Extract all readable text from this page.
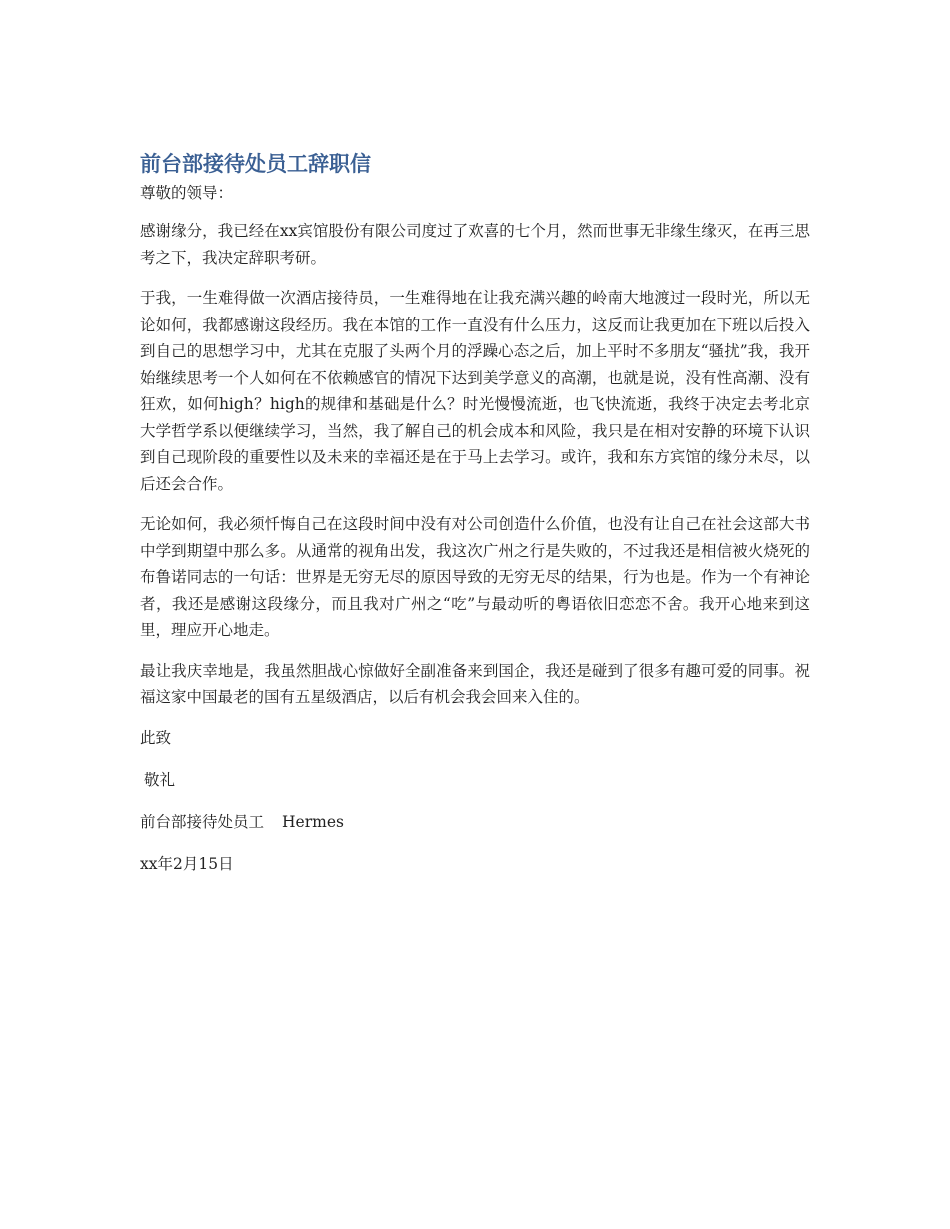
前台部接待处员工辞职信

尊敬的领导：

感谢缘分，我已经在xx宾馆股份有限公司度过了欢喜的七个月，然而世事无非缘生缘灭，在再三思考之下，我决定辞职考研。

于我，一生难得做一次酒店接待员，一生难得地在让我充满兴趣的岭南大地渡过一段时光，所以无论如何，我都感谢这段经历。我在本馆的工作一直没有什么压力，这反而让我更加在下班以后投入到自己的思想学习中，尤其在克服了头两个月的浮躁心态之后，加上平时不多朋友“骚扰”我，我开始继续思考一个人如何在不依赖感官的情况下达到美学意义的高潮，也就是说，没有性高潮、没有狂欢，如何high？high的规律和基础是什么？时光慢慢流逝，也飞快流逝，我终于决定去考北京大学哲学系以便继续学习，当然，我了解自己的机会成本和风险，我只是在相对安静的环境下认识到自己现阶段的重要性以及未来的幸福还是在于马上去学习。或许，我和东方宾馆的缘分未尽，以后还会合作。

无论如何，我必须忏悔自己在这段时间中没有对公司创造什么价值，也没有让自己在社会这部大书中学到期望中那么多。从通常的视角出发，我这次广州之行是失败的，不过我还是相信被火烧死的布鲁诺同志的一句话：世界是无穷无尽的原因导致的无穷无尽的结果，行为也是。作为一个有神论者，我还是感谢这段缘分，而且我对广州之“吃”与最动听的粤语依旧恋恋不舍。我开心地来到这里，理应开心地走。

最让我庆幸地是，我虽然胆战心惊做好全副准备来到国企，我还是碰到了很多有趣可爱的同事。祝福这家中国最老的国有五星级酒店，以后有机会我会回来入住的。

此致

敬礼

前台部接待处员工 Hermes

xx年2月15日
